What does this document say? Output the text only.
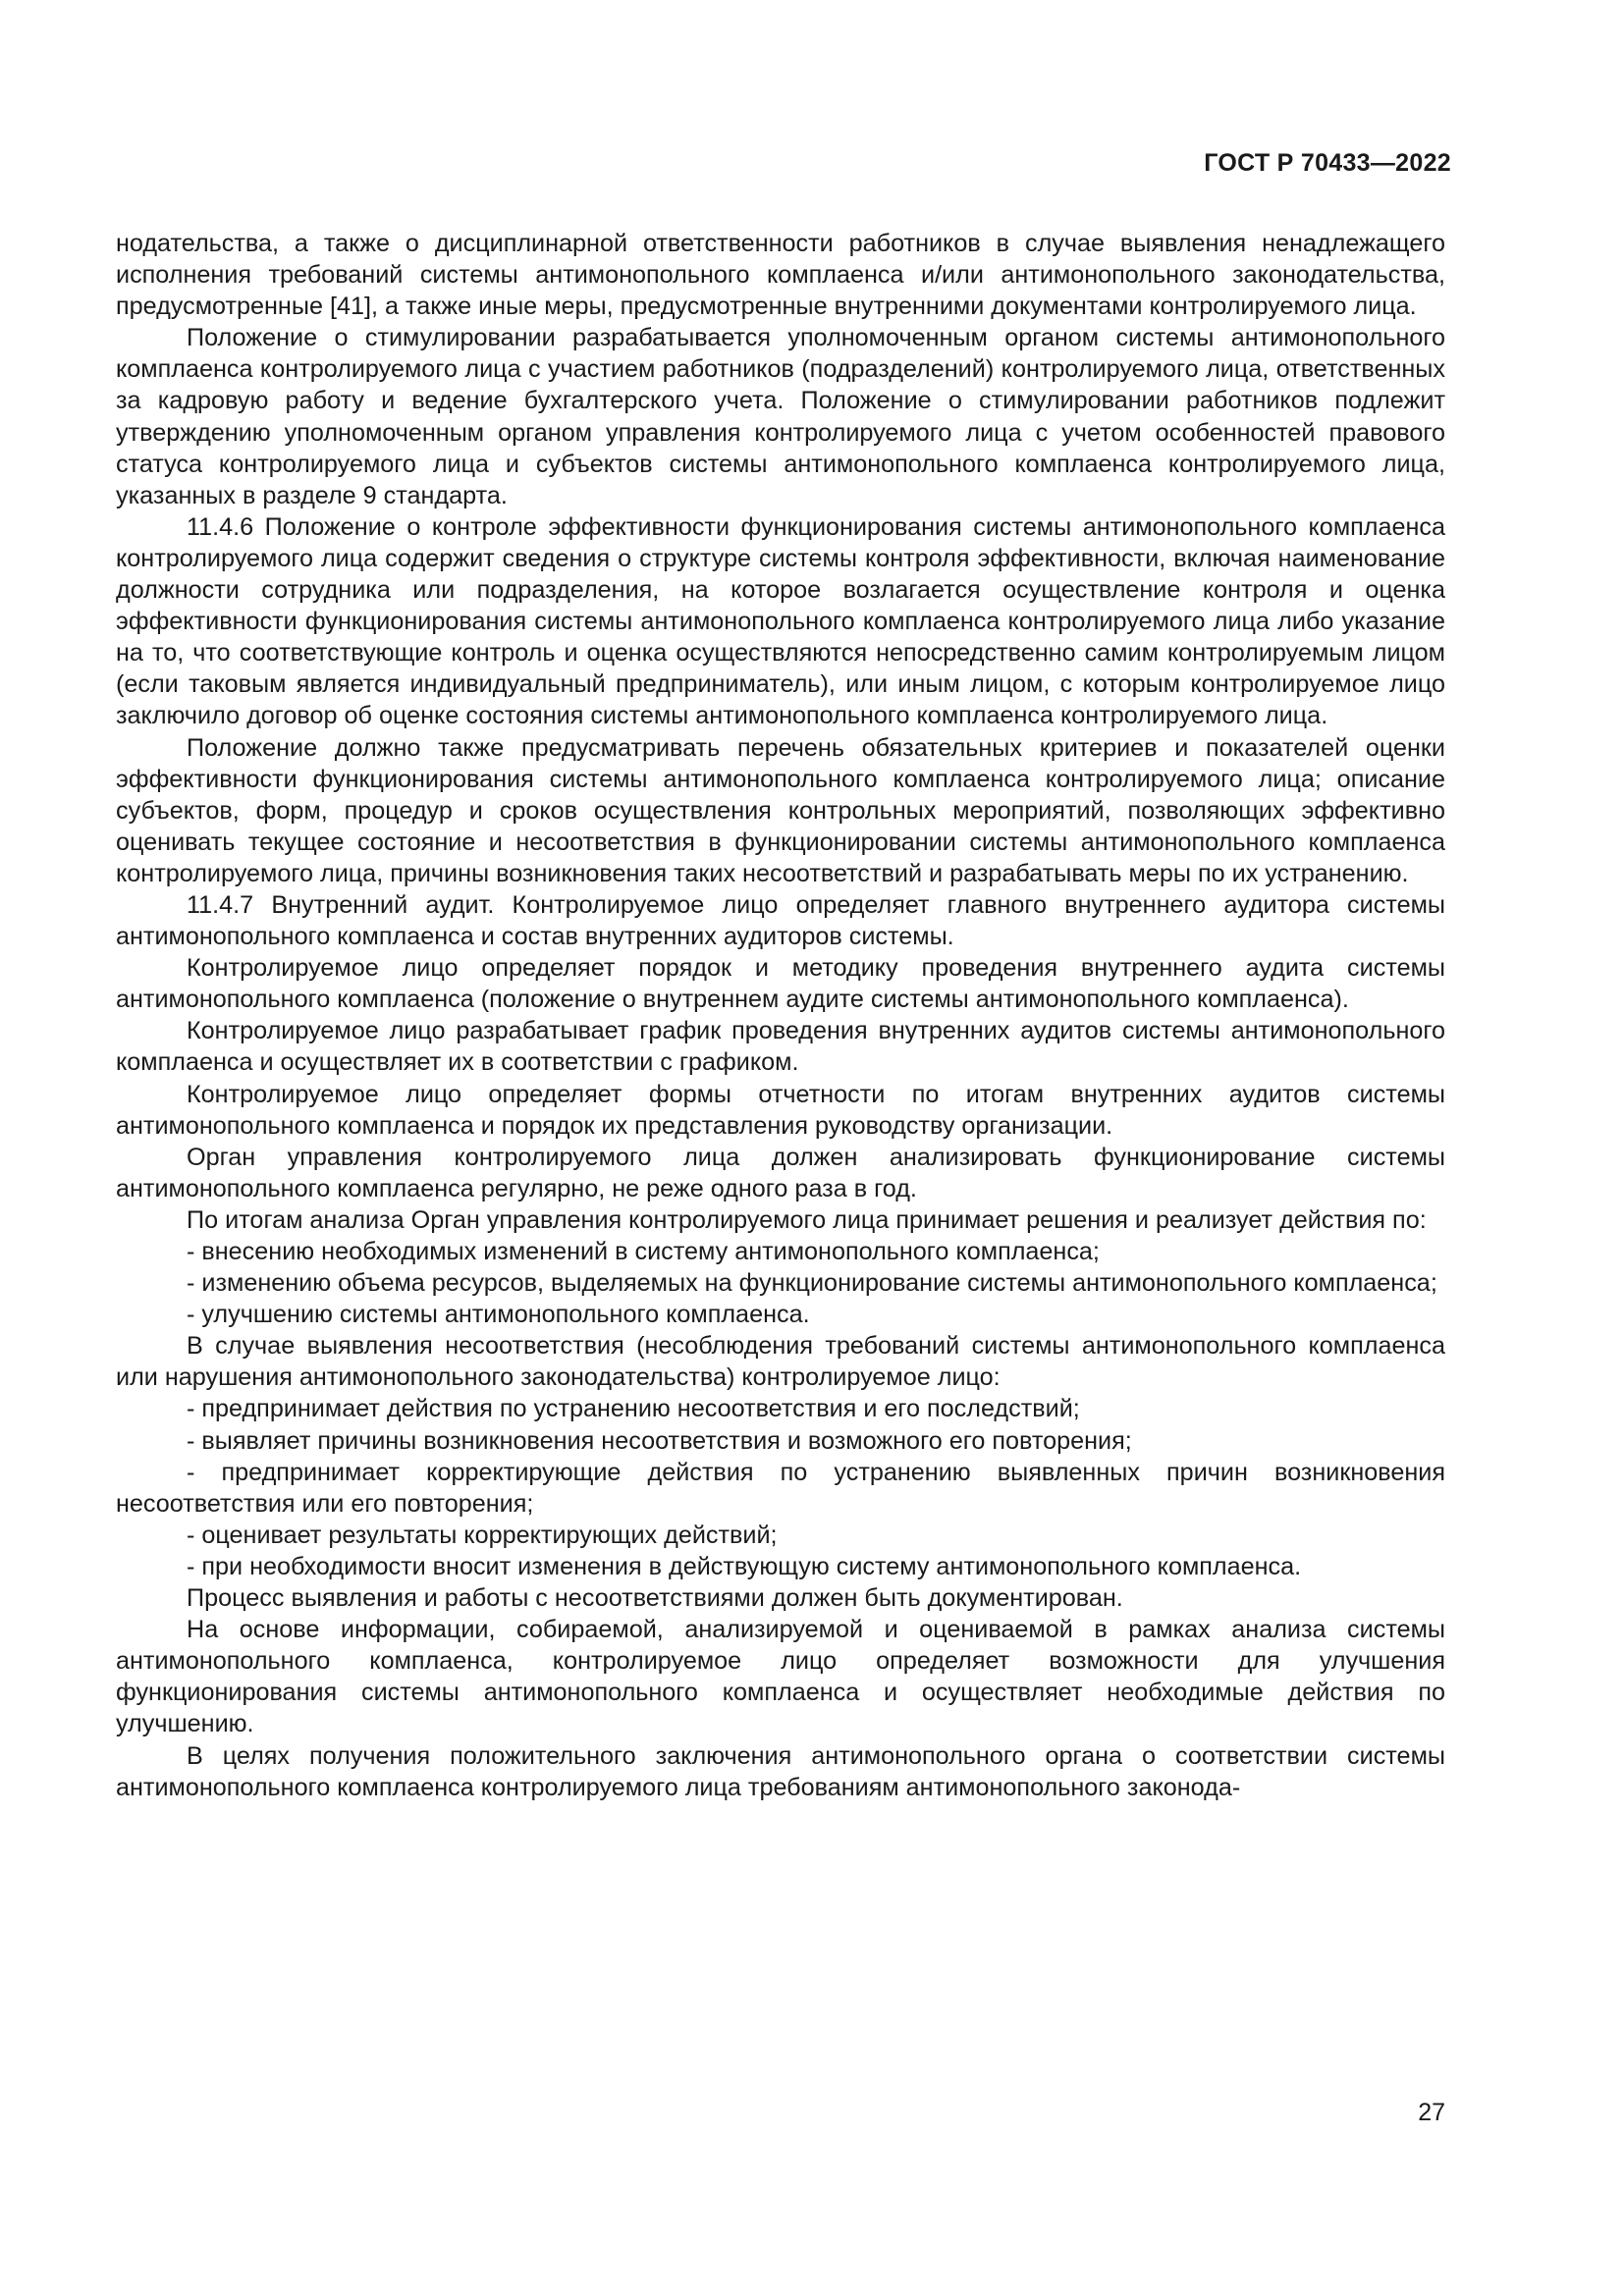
ГОСТ Р 70433—2022

нодательства, а также о дисциплинарной ответственности работников в случае выявления ненадлежащего исполнения требований системы антимонопольного комплаенса и/или антимонопольного законодательства, предусмотренные [41], а также иные меры, предусмотренные внутренними документами контролируемого лица.

Положение о стимулировании разрабатывается уполномоченным органом системы антимонопольного комплаенса контролируемого лица с участием работников (подразделений) контролируемого лица, ответственных за кадровую работу и ведение бухгалтерского учета. Положение о стимулировании работников подлежит утверждению уполномоченным органом управления контролируемого лица с учетом особенностей правового статуса контролируемого лица и субъектов системы антимонопольного комплаенса контролируемого лица, указанных в разделе 9 стандарта.

11.4.6 Положение о контроле эффективности функционирования системы антимонопольного комплаенса контролируемого лица содержит сведения о структуре системы контроля эффективности, включая наименование должности сотрудника или подразделения, на которое возлагается осуществление контроля и оценка эффективности функционирования системы антимонопольного комплаенса контролируемого лица либо указание на то, что соответствующие контроль и оценка осуществляются непосредственно самим контролируемым лицом (если таковым является индивидуальный предприниматель), или иным лицом, с которым контролируемое лицо заключило договор об оценке состояния системы антимонопольного комплаенса контролируемого лица.

Положение должно также предусматривать перечень обязательных критериев и показателей оценки эффективности функционирования системы антимонопольного комплаенса контролируемого лица; описание субъектов, форм, процедур и сроков осуществления контрольных мероприятий, позволяющих эффективно оценивать текущее состояние и несоответствия в функционировании системы антимонопольного комплаенса контролируемого лица, причины возникновения таких несоответствий и разрабатывать меры по их устранению.

11.4.7 Внутренний аудит. Контролируемое лицо определяет главного внутреннего аудитора системы антимонопольного комплаенса и состав внутренних аудиторов системы.

Контролируемое лицо определяет порядок и методику проведения внутреннего аудита системы антимонопольного комплаенса (положение о внутреннем аудите системы антимонопольного комплаенса).

Контролируемое лицо разрабатывает график проведения внутренних аудитов системы антимонопольного комплаенса и осуществляет их в соответствии с графиком.

Контролируемое лицо определяет формы отчетности по итогам внутренних аудитов системы антимонопольного комплаенса и порядок их представления руководству организации.

Орган управления контролируемого лица должен анализировать функционирование системы антимонопольного комплаенса регулярно, не реже одного раза в год.

По итогам анализа Орган управления контролируемого лица принимает решения и реализует действия по:

- внесению необходимых изменений в систему антимонопольного комплаенса;

- изменению объема ресурсов, выделяемых на функционирование системы антимонопольного комплаенса;

- улучшению системы антимонопольного комплаенса.

В случае выявления несоответствия (несоблюдения требований системы антимонопольного комплаенса или нарушения антимонопольного законодательства) контролируемое лицо:

- предпринимает действия по устранению несоответствия и его последствий;

- выявляет причины возникновения несоответствия и возможного его повторения;

- предпринимает корректирующие действия по устранению выявленных причин возникновения несоответствия или его повторения;

- оценивает результаты корректирующих действий;

- при необходимости вносит изменения в действующую систему антимонопольного комплаенса.

Процесс выявления и работы с несоответствиями должен быть документирован.

На основе информации, собираемой, анализируемой и оцениваемой в рамках анализа системы антимонопольного комплаенса, контролируемое лицо определяет возможности для улучшения функционирования системы антимонопольного комплаенса и осуществляет необходимые действия по улучшению.

В целях получения положительного заключения антимонопольного органа о соответствии системы антимонопольного комплаенса контролируемого лица требованиям антимонопольного законода-

27
